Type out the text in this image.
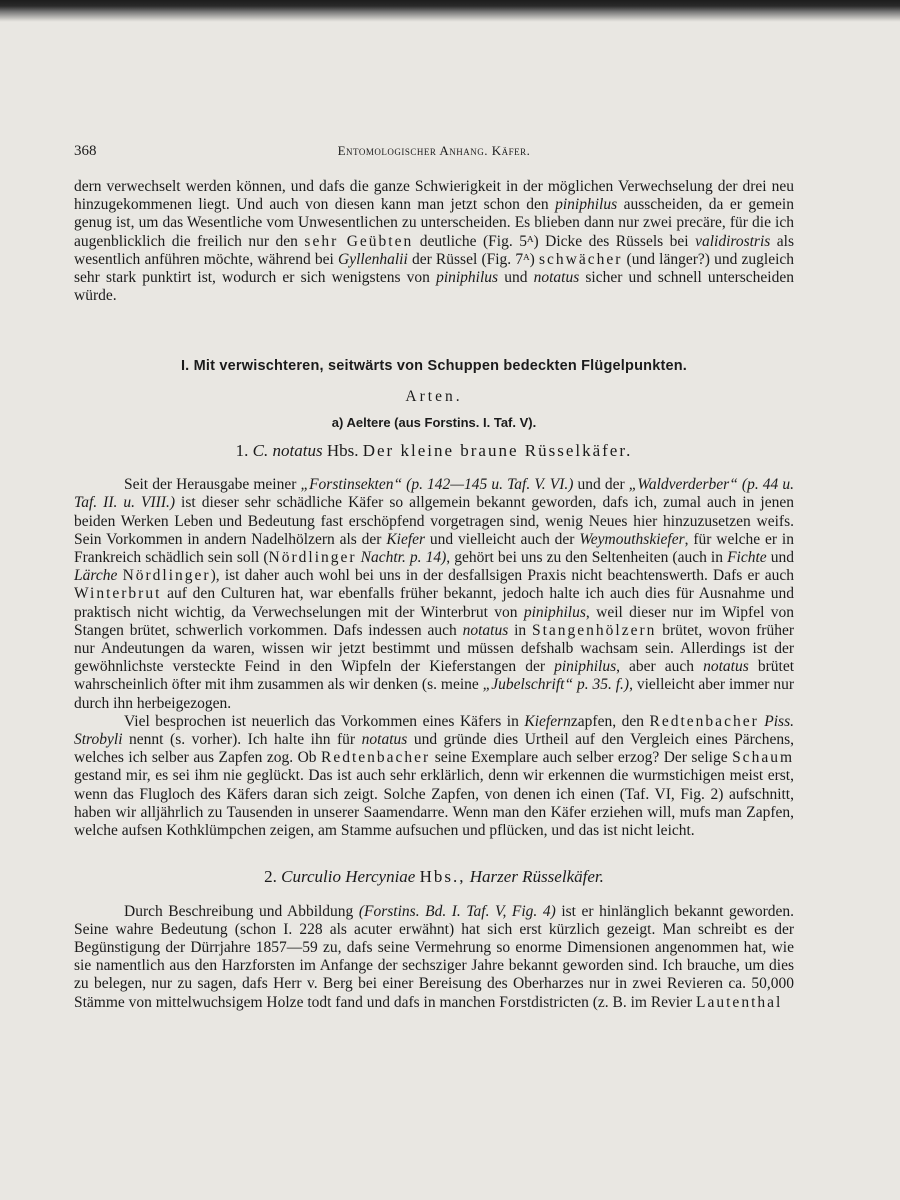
368	Entomologischer Anhang. Käfer.

dern verwechselt werden können, und dafs die ganze Schwierigkeit in der möglichen Verwechselung der drei neu hinzugekommenen liegt. Und auch von diesen kann man jetzt schon den piniphilus ausscheiden, da er gemein genug ist, um das Wesentliche vom Unwesentlichen zu unterscheiden. Es blieben dann nur zwei precäre, für die ich augenblicklich die freilich nur den sehr Geübten deutliche (Fig. 5ᴬ) Dicke des Rüssels bei validirostris als wesentlich anführen möchte, während bei Gyllenhalii der Rüssel (Fig. 7ᴬ) schwächer (und länger?) und zugleich sehr stark punktirt ist, wodurch er sich wenigstens von piniphilus und notatus sicher und schnell unterscheiden würde.

I. Mit verwischteren, seitwärts von Schuppen bedeckten Flügelpunkten.
Arten.
a) Aeltere (aus Forstins. I. Taf. V).
1. C. notatus Hbs. Der kleine braune Rüsselkäfer.

Seit der Herausgabe meiner „Forstinsekten“ (p. 142—145 u. Taf. V. VI.) und der „Waldverderber“ (p. 44 u. Taf. II. u. VIII.) ist dieser sehr schädliche Käfer so allgemein bekannt geworden, dafs ich, zumal auch in jenen beiden Werken Leben und Bedeutung fast erschöpfend vorgetragen sind, wenig Neues hier hinzuzusetzen weifs. Sein Vorkommen in andern Nadelhölzern als der Kiefer und vielleicht auch der Weymouthskiefer, für welche er in Frankreich schädlich sein soll (Nördlinger Nachtr. p. 14), gehört bei uns zu den Seltenheiten (auch in Fichte und Lärche Nördlinger), ist daher auch wohl bei uns in der desfallsigen Praxis nicht beachtenswerth. Dafs er auch Winterbrut auf den Culturen hat, war ebenfalls früher bekannt, jedoch halte ich auch dies für Ausnahme und praktisch nicht wichtig, da Verwechselungen mit der Winterbrut von piniphilus, weil dieser nur im Wipfel von Stangen brütet, schwerlich vorkommen. Dafs indessen auch notatus in Stangenhölzern brütet, wovon früher nur Andeutungen da waren, wissen wir jetzt bestimmt und müssen defshalb wachsam sein. Allerdings ist der gewöhnlichste versteckte Feind in den Wipfeln der Kieferstangen der piniphilus, aber auch notatus brütet wahrscheinlich öfter mit ihm zusammen als wir denken (s. meine „Jubelschrift“ p. 35. f.), vielleicht aber immer nur durch ihn herbeigezogen.

Viel besprochen ist neuerlich das Vorkommen eines Käfers in Kiefernzapfen, den Redtenbacher Piss. Strobyli nennt (s. vorher). Ich halte ihn für notatus und gründe dies Urtheil auf den Vergleich eines Pärchens, welches ich selber aus Zapfen zog. Ob Redtenbacher seine Exemplare auch selber erzog? Der selige Schaum gestand mir, es sei ihm nie geglückt. Das ist auch sehr erklärlich, denn wir erkennen die wurmstichigen meist erst, wenn das Flugloch des Käfers daran sich zeigt. Solche Zapfen, von denen ich einen (Taf. VI, Fig. 2) aufschnitt, haben wir alljährlich zu Tausenden in unserer Saamendarre. Wenn man den Käfer erziehen will, mufs man Zapfen, welche aufsen Kothklümpchen zeigen, am Stamme aufsuchen und pflücken, und das ist nicht leicht.

2. Curculio Hercyniae Hbs., Harzer Rüsselkäfer.

Durch Beschreibung und Abbildung (Forstins. Bd. I. Taf. V, Fig. 4) ist er hinlänglich bekannt geworden. Seine wahre Bedeutung (schon I. 228 als acuter erwähnt) hat sich erst kürzlich gezeigt. Man schreibt es der Begünstigung der Dürrjahre 1857—59 zu, dafs seine Vermehrung so enorme Dimensionen angenommen hat, wie sie namentlich aus den Harzforsten im Anfange der sechsziger Jahre bekannt geworden sind. Ich brauche, um dies zu belegen, nur zu sagen, dafs Herr v. Berg bei einer Bereisung des Oberharzes nur in zwei Revieren ca. 50,000 Stämme von mittelwuchsigem Holze todt fand und dafs in manchen Forstdistricten (z. B. im Revier Lautenthal
